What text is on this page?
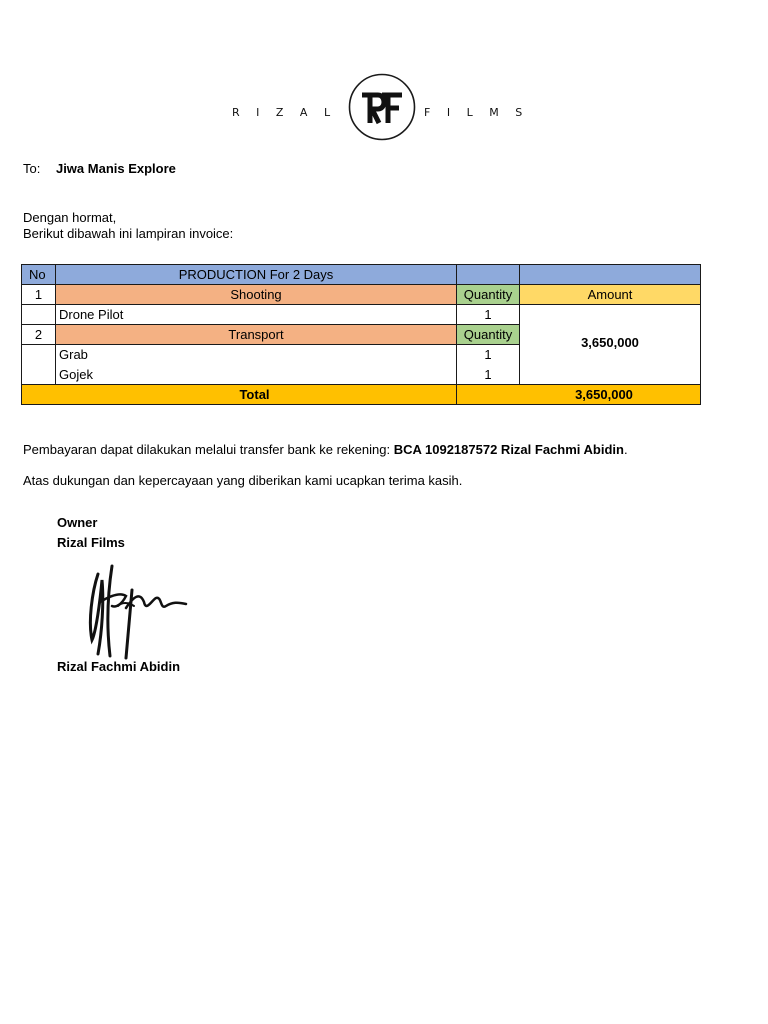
RIZAL	FILMS
To: Jiwa Manis Explore
Dengan hormat,
Berikut dibawah ini lampiran invoice:
No	PRODUCTION For 2 Days		
1	Shooting	Quantity	Amount
	Drone Pilot	1	3,650,000
2	Transport	Quantity	
	Grab	1	
	Gojek	1	
Total		3,650,000	
Pembayaran dapat dilakukan melalui transfer bank ke rekening: BCA 1092187572 Rizal Fachmi Abidin.
Atas dukungan dan kepercayaan yang diberikan kami ucapkan terima kasih.
Owner
Rizal Films
Rizal Fachmi Abidin
